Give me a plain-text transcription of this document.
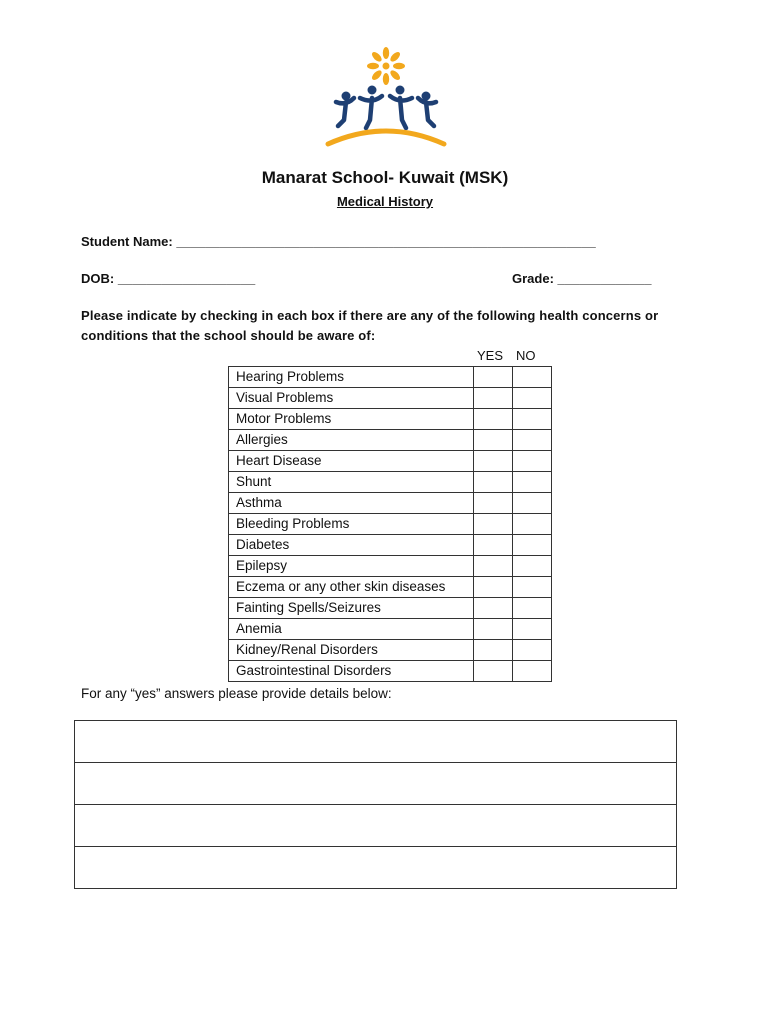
Manarat School- Kuwait (MSK)
Medical History
Student Name: __________________________________________________________
DOB: ___________________	Grade: _____________
Please indicate by checking in each box if there are any of the following health concerns or conditions that the school should be aware of:
YES NO
Hearing Problems		
Visual Problems		
Motor Problems		
Allergies		
Heart Disease		
Shunt		
Asthma		
Bleeding Problems		
Diabetes		
Epilepsy		
Eczema or any other skin diseases		
Fainting Spells/Seizures		
Anemia		
Kidney/Renal Disorders		
Gastrointestinal Disorders		
For any “yes” answers please provide details below:
